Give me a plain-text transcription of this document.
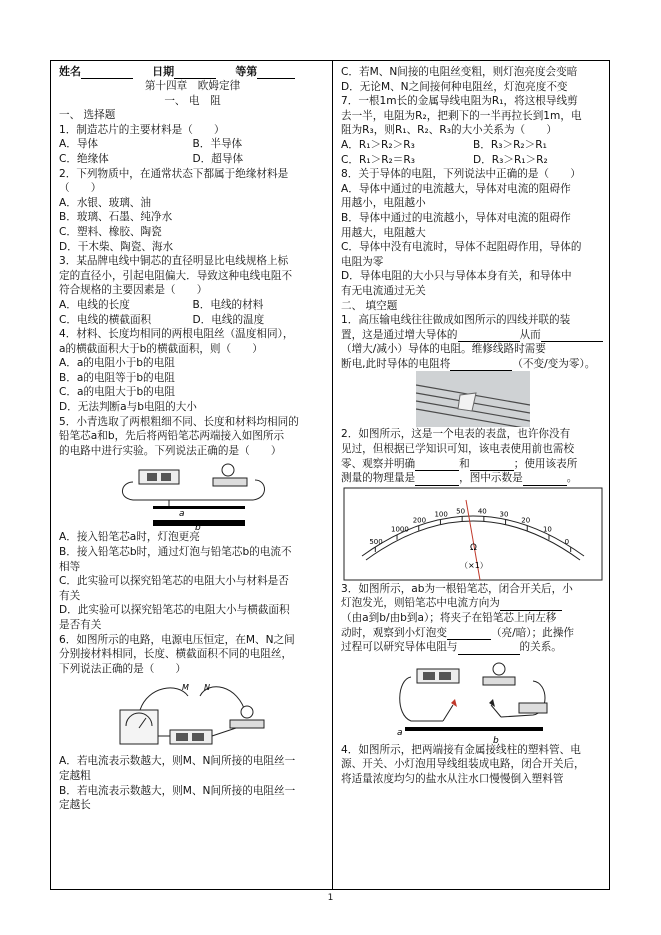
姓名	日期	等第
第十四章　欧姆定律
一、 电　阻
一、 选择题
1．制造芯片的主要材料是（　　）
A．导体	B．半导体
C．绝缘体	D．超导体
2．下列物质中，在通常状态下都属于绝缘材料是
（　　）
A．水银、玻璃、油
B．玻璃、石墨、纯净水
C．塑料、橡胶、陶瓷
D．干木柴、陶瓷、海水
3．某品牌电线中铜芯的直径明显比电线规格上标
定的直径小，引起电阻偏大．导致这种电线电阻不
符合规格的主要因素是（　　）
A．电线的长度	B．电线的材料
C．电线的横截面积	D．电线的温度
4．材料、长度均相同的两根电阻丝（温度相同），
a的横截面积大于b的横截面积，则（　　）
A．a的电阻小于b的电阻
B．a的电阻等于b的电阻
C．a的电阻大于b的电阻
D．无法判断a与b电阻的大小
5．小青选取了两根粗细不同、长度和材料均相同的
铅笔芯a和b，先后将两铅笔芯两端接入如图所示
的电路中进行实验。下列说法正确的是（　　）
a
b
A．接入铅笔芯a时，灯泡更亮
B．接入铅笔芯b时，通过灯泡与铅笔芯b的电流不
相等
C．此实验可以探究铅笔芯的电阻大小与材料是否
有关
D．此实验可以探究铅笔芯的电阻大小与横截面积
是否有关
6．如图所示的电路，电源电压恒定，在M、N之间
分别接材料相同，长度、横截面积不同的电阻丝，
下列说法正确的是（　　）
M N
A．若电流表示数越大，则M、N间所接的电阻丝一
定越粗
B．若电流表示数越大，则M、N间所接的电阻丝一
定越长
C．若M、N间接的电阻丝变粗，则灯泡亮度会变暗
D．无论M、N之间接何种电阻丝，灯泡亮度不变
7．一根1m长的金属导线电阻为R₁，将这根导线剪
去一半，电阻为R₂，把剩下的一半再拉长到1m，电
阻为R₃，则R₁、R₂、R₃的大小关系为（　　）
A．R₁＞R₂＞R₃	B．R₃＞R₂＞R₁
C．R₁＞R₂＝R₃	D．R₃＞R₁＞R₂
8．关于导体的电阻，下列说法中正确的是（　　）
A．导体中通过的电流越大，导体对电流的阻碍作
用越小，电阻越小
B．导体中通过的电流越小，导体对电流的阻碍作
用越大，电阻越大
C．导体中没有电流时，导体不起阻碍作用，导体的
电阻为零
D．导体电阻的大小只与导体本身有关，和导体中
有无电流通过无关
二、 填空题
1．高压输电线往往做成如图所示的四线并联的装
置，这是通过增大导体的	从而
（增大/减小）导体的电阻。维修线路时需要
断电,此时导体的电阻将	（不变/变为零）。
2．如图所示，这是一个电表的表盘，也许你没有
见过，但根据已学知识可知，该电表使用前也需校
零、观察并明确	和	；使用该表所
测量的物理量是	，图中示数是	。
500
1000
200
100 50 40 30
20
10
0
Ω
（×1）
3．如图所示，ab为一根铅笔芯，闭合开关后，小
灯泡发光，则铅笔芯中电流方向为
（由a到b/由b到a）；将夹子在铅笔芯上向左移
动时，观察到小灯泡变	（亮/暗）；此操作
过程可以研究导体电阻与	的关系。
a
b
4．如图所示，把两端接有金属接线柱的塑料管、电
源、开关、小灯泡用导线组装成电路，闭合开关后，
将适量浓度均匀的盐水从注水口慢慢倒入塑料管
1
